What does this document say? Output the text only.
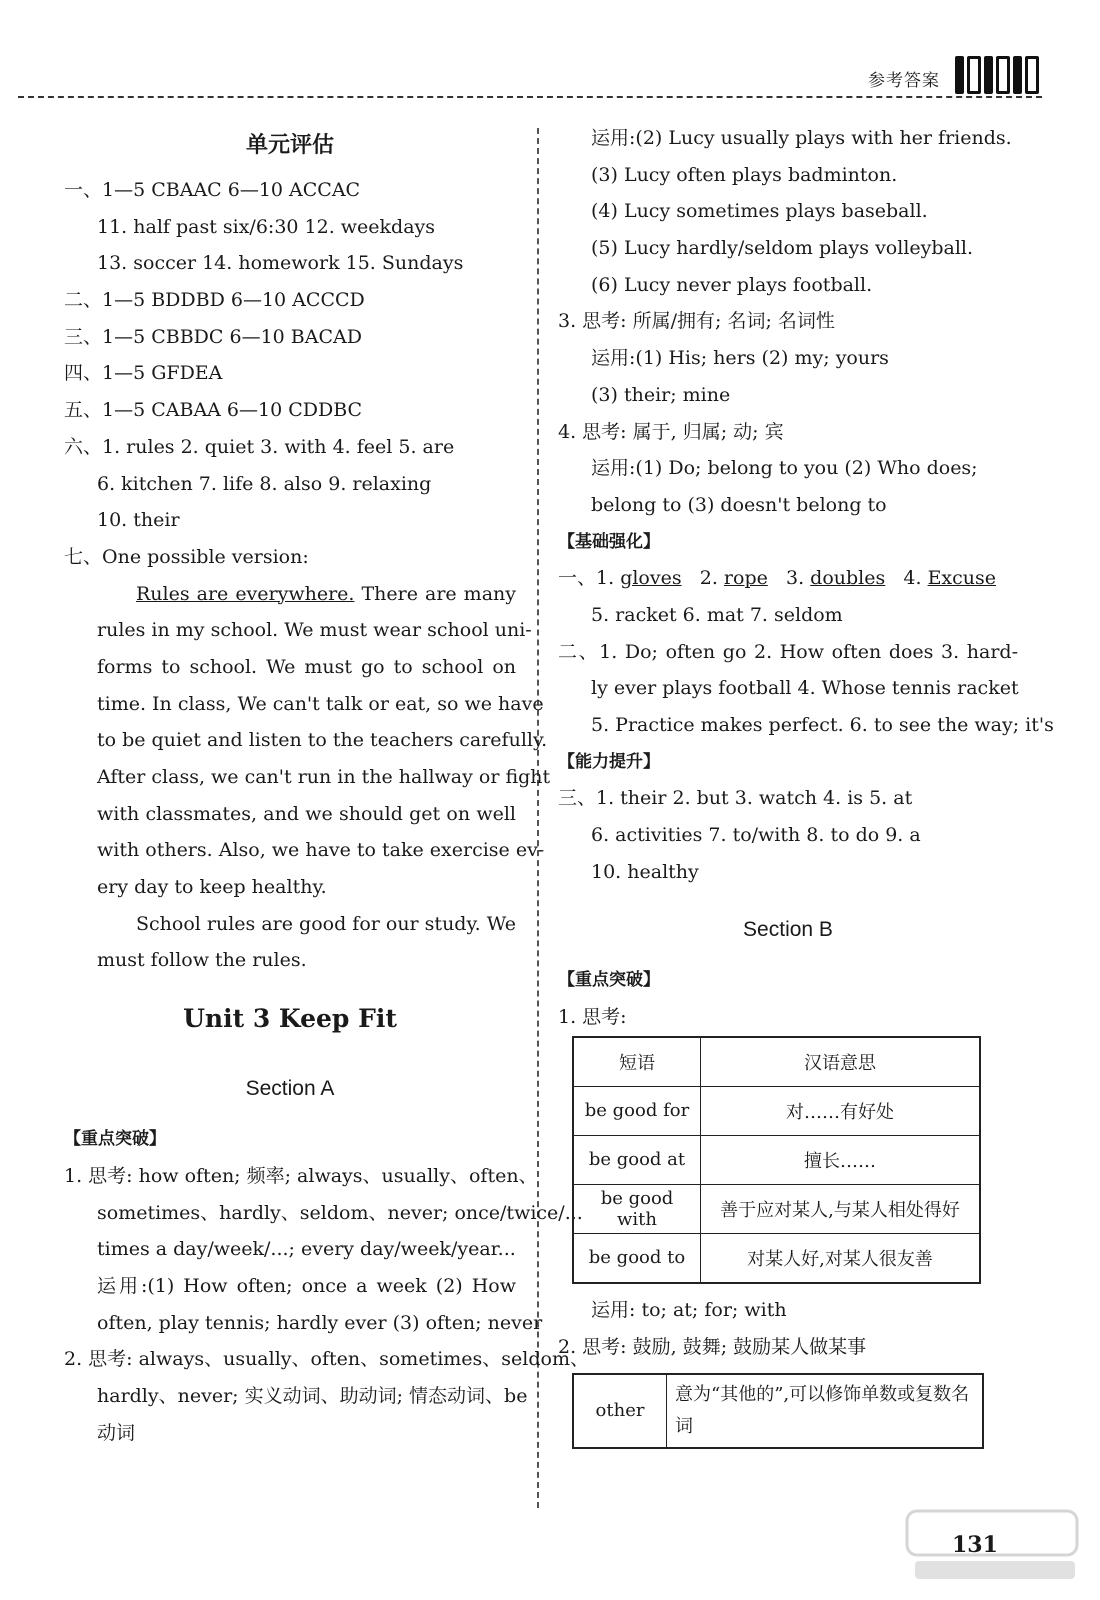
参考答案
单元评估
一、1—5 CBAAC 6—10 ACCAC
11. half past six/6:30 12. weekdays
13. soccer 14. homework 15. Sundays
二、1—5 BDDBD 6—10 ACCCD
三、1—5 CBBDC 6—10 BACAD
四、1—5 GFDEA
五、1—5 CABAA 6—10 CDDBC
六、1. rules 2. quiet 3. with 4. feel 5. are
6. kitchen 7. life 8. also 9. relaxing
10. their
七、One possible version:
Rules are everywhere. There are many
rules in my school. We must wear school uni-
forms to school. We must go to school on
time. In class, We can't talk or eat, so we have
to be quiet and listen to the teachers carefully.
After class, we can't run in the hallway or fight
with classmates, and we should get on well
with others. Also, we have to take exercise ev-
ery day to keep healthy.
School rules are good for our study. We
must follow the rules.
Unit 3 Keep Fit
Section A
【重点突破】
1. 思考: how often; 频率; always、usually、often、
sometimes、hardly、seldom、never; once/twice/...
times a day/week/...; every day/week/year...
运用:(1) How often; once a week (2) How
often, play tennis; hardly ever (3) often; never
2. 思考: always、usually、often、sometimes、seldom、
hardly、never; 实义动词、助动词; 情态动词、be
动词
运用:(2) Lucy usually plays with her friends.
(3) Lucy often plays badminton.
(4) Lucy sometimes plays baseball.
(5) Lucy hardly/seldom plays volleyball.
(6) Lucy never plays football.
3. 思考: 所属/拥有; 名词; 名词性
运用:(1) His; hers (2) my; yours
(3) their; mine
4. 思考: 属于, 归属; 动; 宾
运用:(1) Do; belong to you (2) Who does;
belong to (3) doesn't belong to
【基础强化】
一、1. gloves 2. rope 3. doubles 4. Excuse
5. racket 6. mat 7. seldom
二、1. Do; often go 2. How often does 3. hard-
ly ever plays football 4. Whose tennis racket
5. Practice makes perfect. 6. to see the way; it's
【能力提升】
三、1. their 2. but 3. watch 4. is 5. at
6. activities 7. to/with 8. to do 9. a
10. healthy
Section B
【重点突破】
1. 思考:
短语	汉语意思
be good for	对……有好处
be good at	擅长……
be good with	善于应对某人,与某人相处得好
be good to	对某人好,对某人很友善
运用: to; at; for; with
2. 思考: 鼓励, 鼓舞; 鼓励某人做某事
other	意为“其他的”,可以修饰单数或复数名词
131
